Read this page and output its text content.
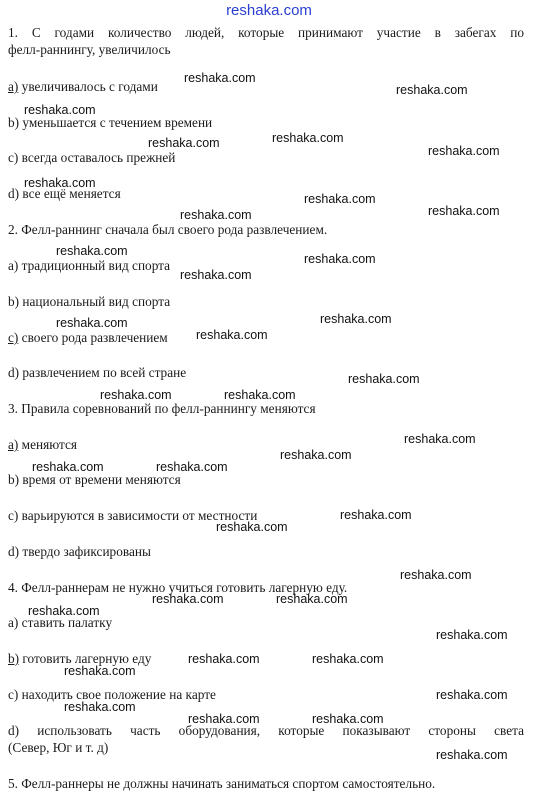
reshaka.com
1. С годами количество людей, которые принимают участие в забегах по
фелл-раннингу, увеличилось
a) увеличивалось с годами
b) уменьшается с течением времени
c) всегда оставалось прежней
d) все ещё меняется
2. Фелл-раннинг сначала был своего рода развлечением.
a) традиционный вид спорта
b) национальный вид спорта
c) своего рода развлечением
d) развлечением по всей стране
3. Правила соревнований по фелл-раннингу меняются
a) меняются
b) время от времени меняются
c) варьируются в зависимости от местности
d) твердо зафиксированы
4. Фелл-раннерам не нужно учиться готовить лагерную еду.
a) ставить палатку
b) готовить лагерную еду
c) находить свое положение на карте
d) использовать часть оборудования, которые показывают стороны света
(Север, Юг и т. д)
5. Фелл-раннеры не должны начинать заниматься спортом самостоятельно.
reshaka.com
reshaka.com
reshaka.com
reshaka.com
reshaka.com
reshaka.com
reshaka.com
reshaka.com
reshaka.com
reshaka.com
reshaka.com
reshaka.com
reshaka.com
reshaka.com
reshaka.com
reshaka.com
reshaka.com
reshaka.com	reshaka.com
reshaka.com
reshaka.com
reshaka.com	reshaka.com
reshaka.com
reshaka.com
reshaka.com
reshaka.com	reshaka.com
reshaka.com
reshaka.com
reshaka.com	reshaka.com
reshaka.com
reshaka.com
reshaka.com
reshaka.com	reshaka.com
reshaka.com
